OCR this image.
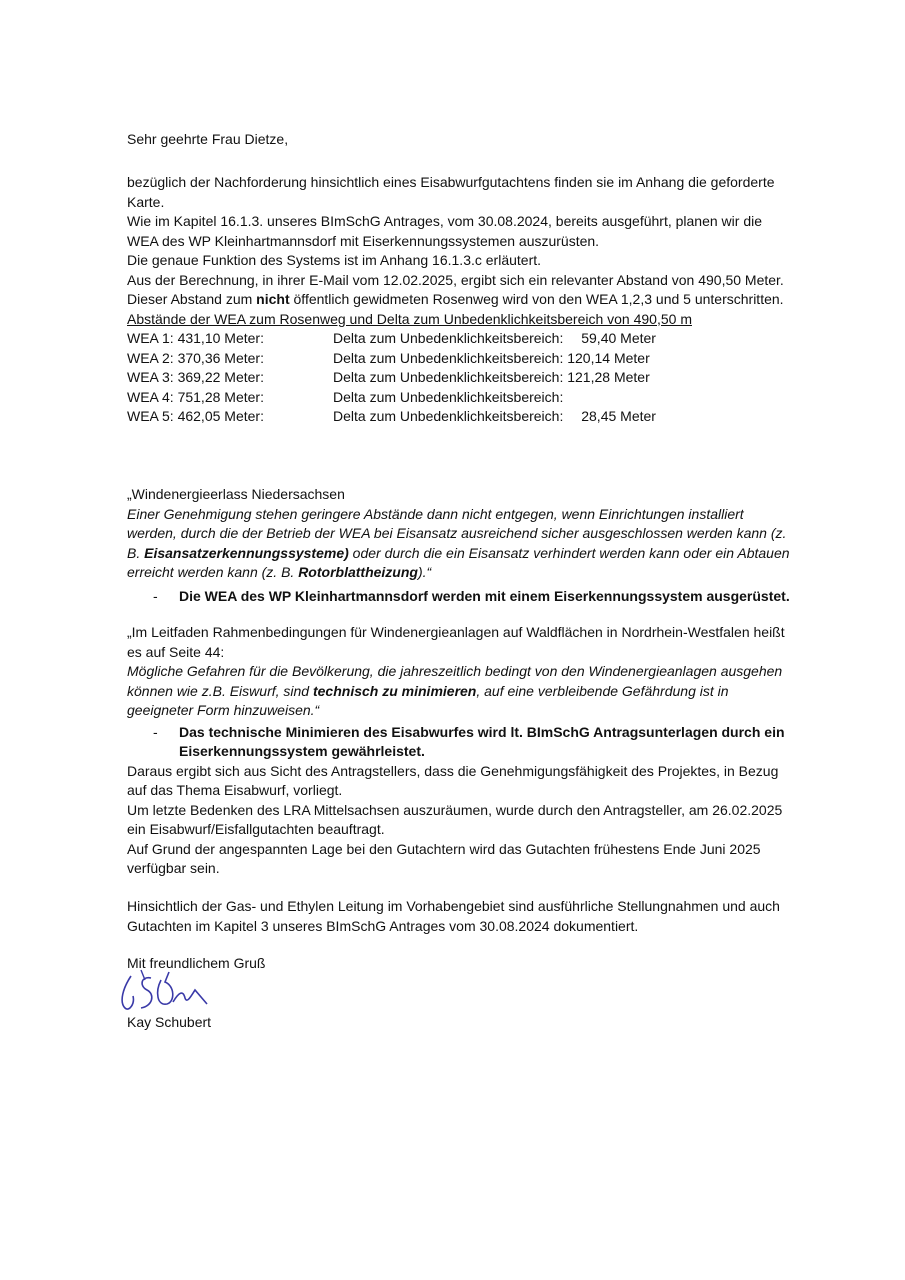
Sehr geehrte Frau Dietze,

bezüglich der Nachforderung hinsichtlich eines Eisabwurfgutachtens finden sie im Anhang die geforderte Karte.

Wie im Kapitel 16.1.3. unseres BImSchG Antrages, vom 30.08.2024, bereits ausgeführt, planen wir die WEA des WP Kleinhartmannsdorf mit Eiserkennungssystemen auszurüsten.

Die genaue Funktion des Systems ist im Anhang 16.1.3.c erläutert.

Aus der Berechnung, in ihrer E-Mail vom 12.02.2025, ergibt sich ein relevanter Abstand von 490,50 Meter.

Dieser Abstand zum nicht öffentlich gewidmeten Rosenweg wird von den WEA 1,2,3 und 5 unterschritten.

Abstände der WEA zum Rosenweg und Delta zum Unbedenklichkeitsbereich von 490,50 m

WEA 1: 431,10 Meter:	Delta zum Unbedenklichkeitsbereich: 59,40 Meter
WEA 2: 370,36 Meter:	Delta zum Unbedenklichkeitsbereich: 120,14 Meter
WEA 3: 369,22 Meter:	Delta zum Unbedenklichkeitsbereich: 121,28 Meter
WEA 4: 751,28 Meter:	Delta zum Unbedenklichkeitsbereich:
WEA 5: 462,05 Meter:	Delta zum Unbedenklichkeitsbereich: 28,45 Meter

„Windenergieerlass Niedersachsen

Einer Genehmigung stehen geringere Abstände dann nicht entgegen, wenn Einrichtungen installiert werden, durch die der Betrieb der WEA bei Eisansatz ausreichend sicher ausgeschlossen werden kann (z. B. Eisansatzerkennungssysteme) oder durch die ein Eisansatz verhindert werden kann oder ein Abtauen erreicht werden kann (z. B. Rotorblattheizung).“

-	Die WEA des WP Kleinhartmannsdorf werden mit einem Eiserkennungssystem ausgerüstet.

„Im Leitfaden Rahmenbedingungen für Windenergieanlagen auf Waldflächen in Nordrhein-Westfalen heißt es auf Seite 44:

Mögliche Gefahren für die Bevölkerung, die jahreszeitlich bedingt von den Windenergieanlagen ausgehen können wie z.B. Eiswurf, sind technisch zu minimieren, auf eine verbleibende Gefährdung ist in geeigneter Form hinzuweisen.“

-	Das technische Minimieren des Eisabwurfes wird lt. BImSchG Antragsunterlagen durch ein Eiserkennungssystem gewährleistet.

Daraus ergibt sich aus Sicht des Antragstellers, dass die Genehmigungsfähigkeit des Projektes, in Bezug auf das Thema Eisabwurf, vorliegt.

Um letzte Bedenken des LRA Mittelsachsen auszuräumen, wurde durch den Antragsteller, am 26.02.2025 ein Eisabwurf/Eisfallgutachten beauftragt.

Auf Grund der angespannten Lage bei den Gutachtern wird das Gutachten frühestens Ende Juni 2025 verfügbar sein.

Hinsichtlich der Gas- und Ethylen Leitung im Vorhabengebiet sind ausführliche Stellungnahmen und auch Gutachten im Kapitel 3 unseres BImSchG Antrages vom 30.08.2024 dokumentiert.

Mit freundlichem Gruß

Kay Schubert
